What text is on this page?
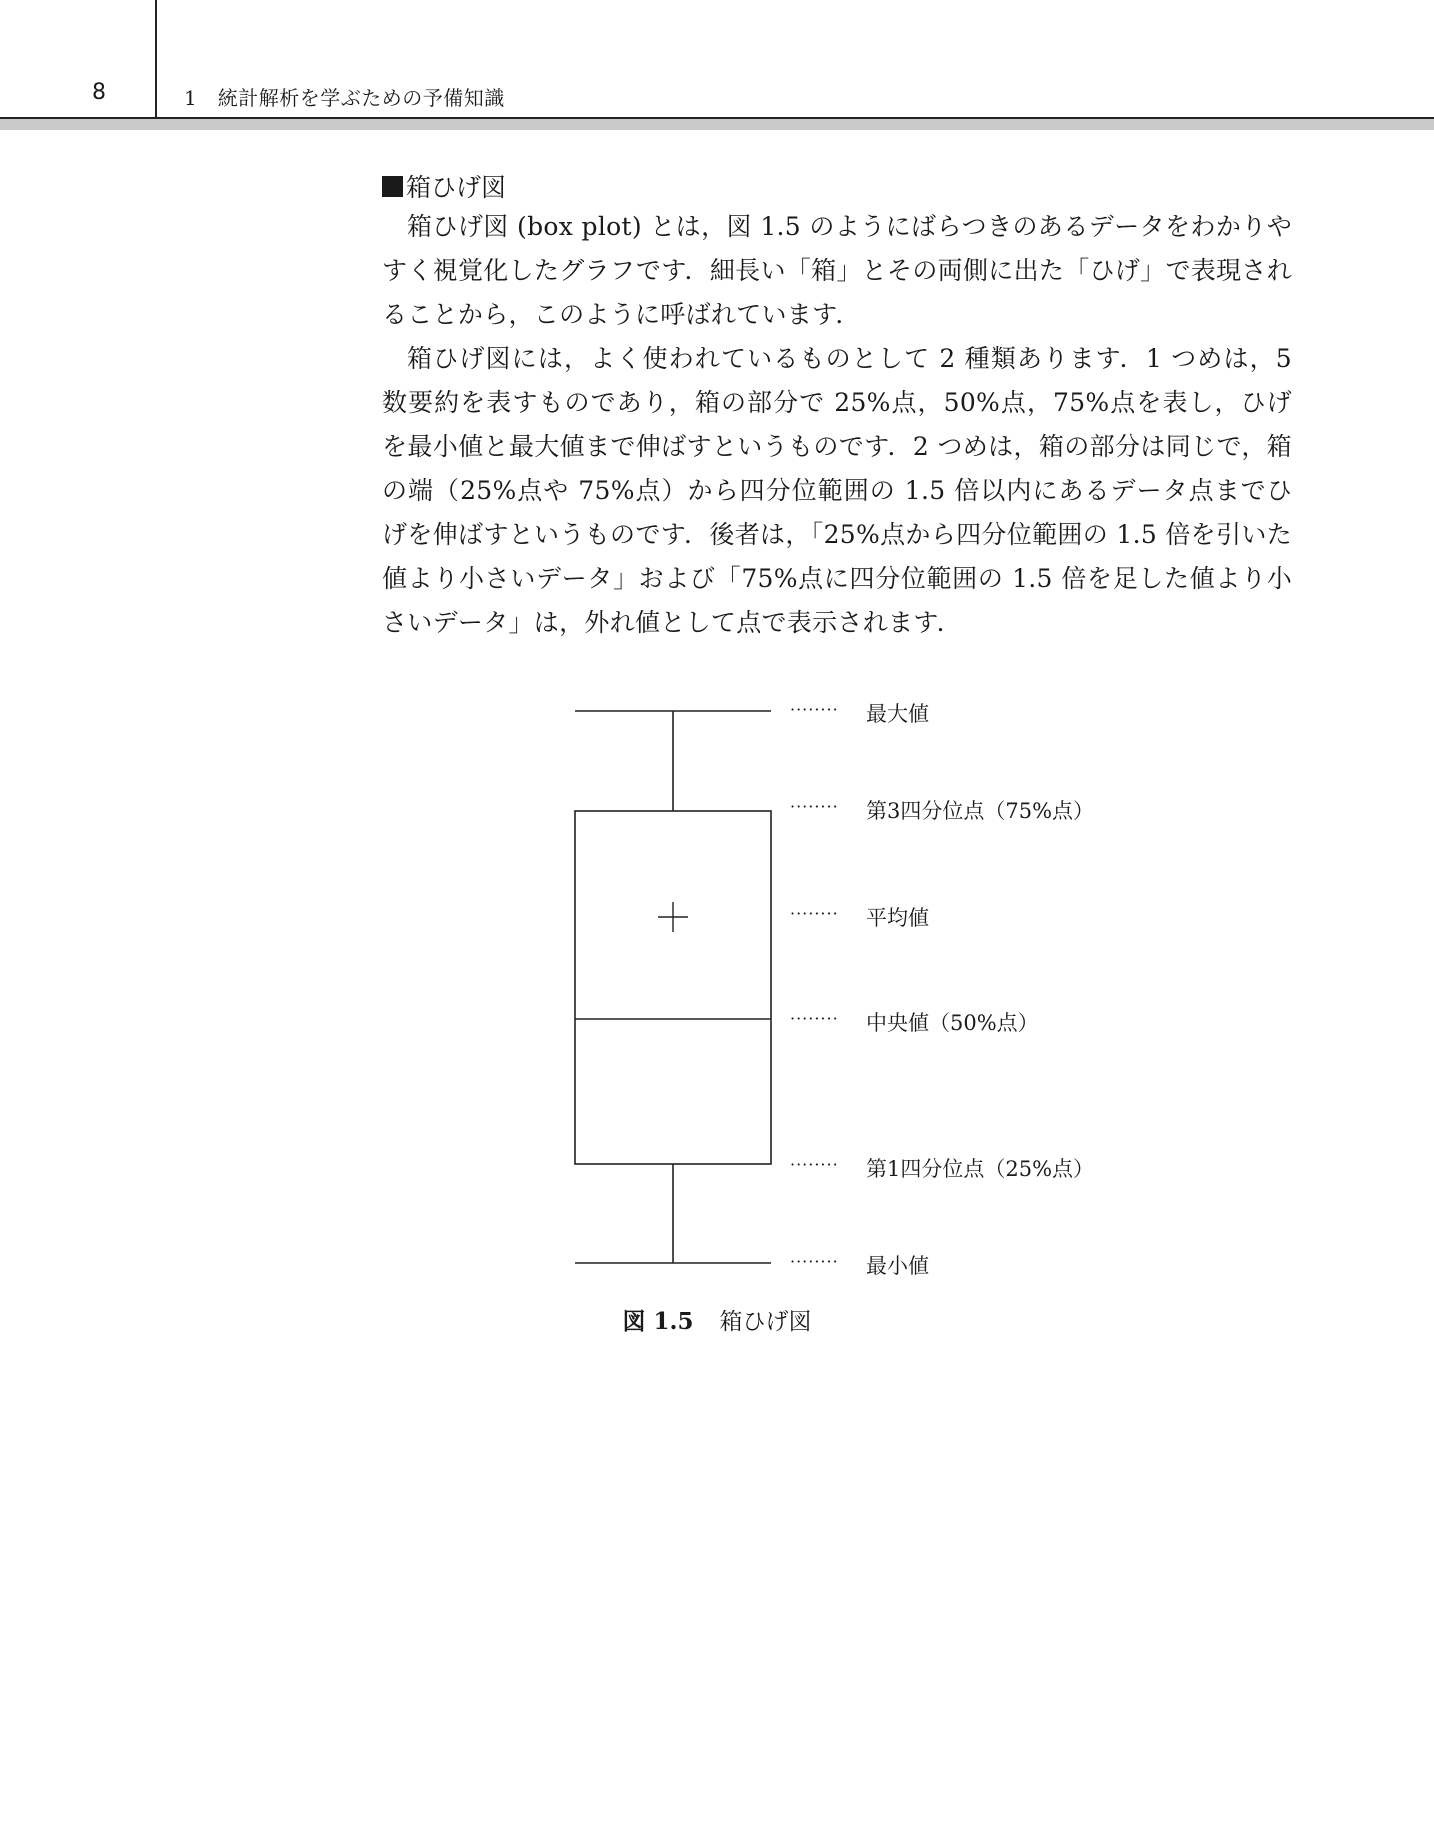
8	1　統計解析を学ぶための予備知識
箱ひげ図

箱ひげ図 (box plot) とは，図 1.5 のようにばらつきのあるデータをわかりやすく視覚化したグラフです．細長い「箱」とその両側に出た「ひげ」で表現されることから，このように呼ばれています．

箱ひげ図には，よく使われているものとして 2 種類あります．1 つめは，5 数要約を表すものであり，箱の部分で 25%点，50%点，75%点を表し，ひげを最小値と最大値まで伸ばすというものです．2 つめは，箱の部分は同じで，箱の端（25%点や 75%点）から四分位範囲の 1.5 倍以内にあるデータ点までひげを伸ばすというものです．後者は，「25%点から四分位範囲の 1.5 倍を引いた値より小さいデータ」および「75%点に四分位範囲の 1.5 倍を足した値より小さいデータ」は，外れ値として点で表示されます．

········ 最大値
········ 第3四分位点（75%点）
········ 平均値
········ 中央値（50%点）
········ 第1四分位点（25%点）
········ 最小値
図 1.5 箱ひげ図
